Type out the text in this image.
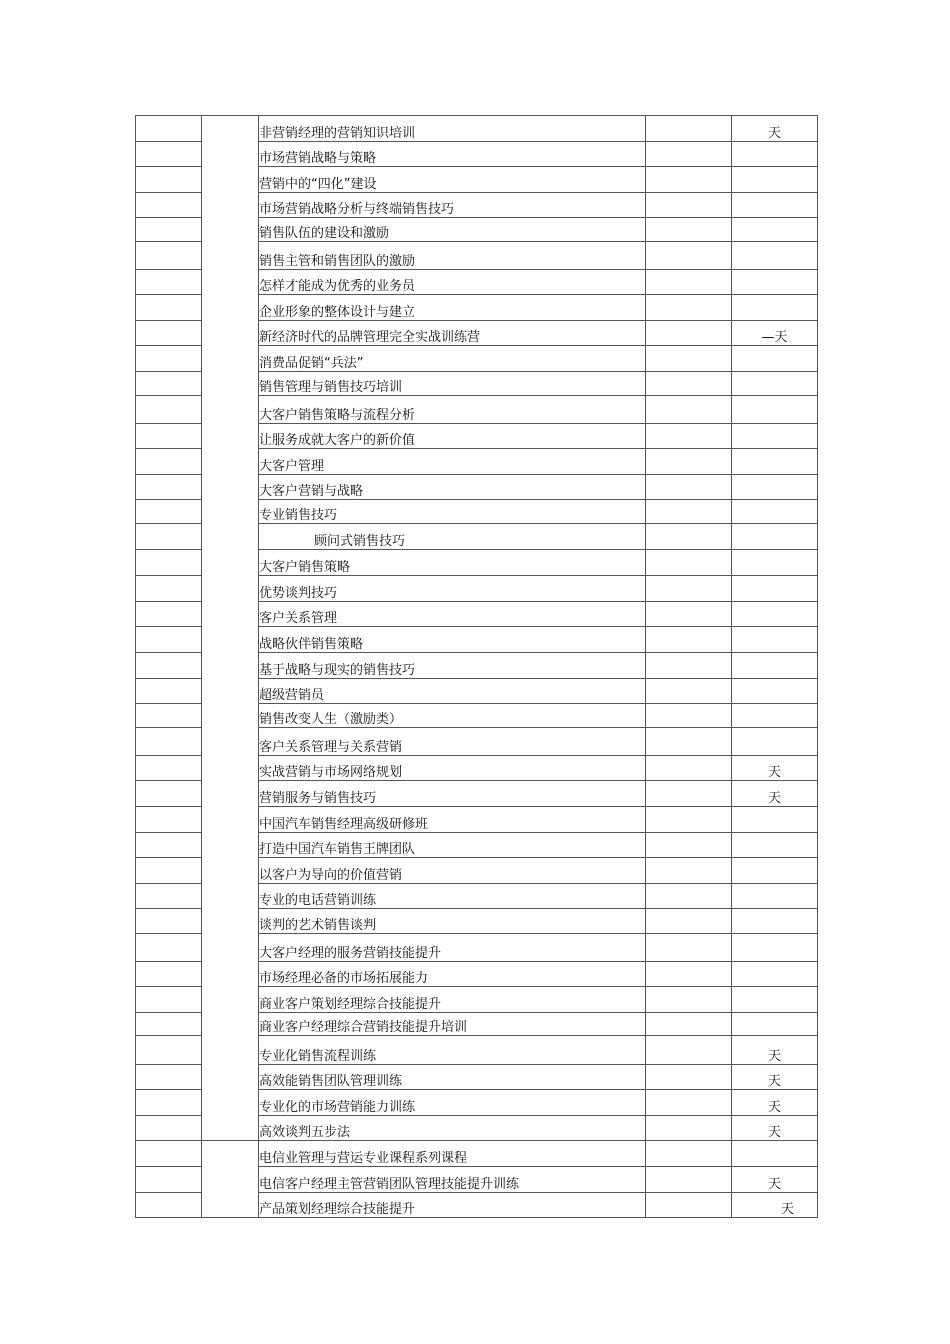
		非营销经理的营销知识培训		天
		市场营销战略与策略		
		营销中的“四化”建设		
		市场营销战略分析与终端销售技巧		
		销售队伍的建设和激励		
		销售主管和销售团队的激励		
		怎样才能成为优秀的业务员		
		企业形象的整体设计与建立		
		新经济时代的品牌管理完全实战训练营		—天
		消费品促销“兵法”		
		销售管理与销售技巧培训		
		大客户销售策略与流程分析		
		让服务成就大客户的新价值		
		大客户管理		
		大客户营销与战略		
		专业销售技巧		
		顾问式销售技巧		
		大客户销售策略		
		优势谈判技巧		
		客户关系管理		
		战略伙伴销售策略		
		基于战略与现实的销售技巧		
		超级营销员		
		销售改变人生（激励类）		
		客户关系管理与关系营销		
		实战营销与市场网络规划		天
		营销服务与销售技巧		天
		中国汽车销售经理高级研修班		
		打造中国汽车销售王牌团队		
		以客户为导向的价值营销		
		专业的电话营销训练		
		谈判的艺术销售谈判		
		大客户经理的服务营销技能提升		
		市场经理必备的市场拓展能力		
		商业客户策划经理综合技能提升		
		商业客户经理综合营销技能提升培训		
		专业化销售流程训练		天
		高效能销售团队管理训练		天
		专业化的市场营销能力训练		天
		高效谈判五步法		天
		电信业管理与营运专业课程系列课程		
		电信客户经理主管营销团队管理技能提升训练		天
		产品策划经理综合技能提升		天
